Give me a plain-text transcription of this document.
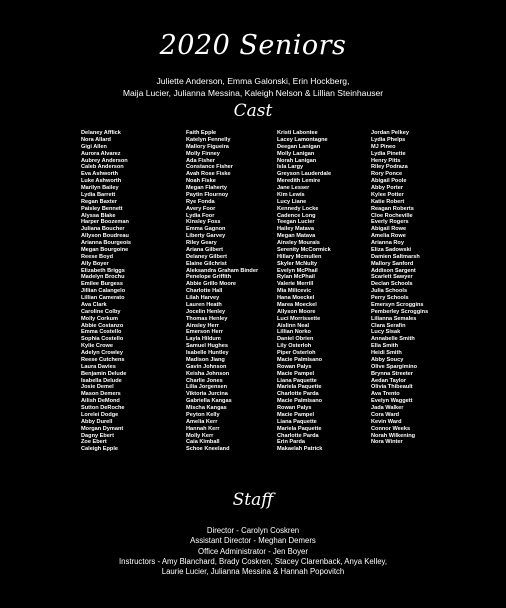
2020 Seniors
Juliette Anderson, Emma Galonski, Erin Hockberg,
Maija Lucier, Julianna Messina, Kaleigh Nelson & Lillian Steinhauser
Cast
Delaney Afflick
Nora Allard
Gigi Allen
Aurora Alvarez
Aubrey Anderson
Caleb Anderson
Eva Ashworth
Luke Ashworth
Marilyn Bailey
Lydia Barrett
Regan Baxter
Paisley Bennett
Alyssa Blake
Harper Boozeman
Juliana Boucher
Allyson Boudreau
Arianna Bourgeois
Megan Bourgoine
Reese Boyd
Ally Boyer
Elizabeth Briggs
Madelyn Brochu
Emilee Burgess
Jillian Calangelo
Lillian Camerato
Ava Clark
Caroline Colby
Molly Corkum
Abbie Costanzo
Emma Costello
Sophia Costello
Kylie Crowe
Adelyn Crowley
Reese Cutchens
Laura Davies
Benjamin Delude
Isabella Delude
Josie Demel
Mason Demers
Ailish DeMond
Sutton DeRoche
Lorelei Dodge
Abby Durell
Morgan Dymant
Dagny Ebert
Zoe Ebert
Caleigh Epple
Faith Epple
Katelyn Fennelly
Mallory Figueira
Molly Finney
Ada Fisher
Constance Fisher
Avah Rose Fiske
Noah Fiske
Megan Flaherty
Paytin Flournoy
Rye Fonda
Avery Foor
Lydia Foor
Kinsley Foss
Emma Gagnon
Liberty Garvey
Riley Geary
Ariana Gilbert
Delaney Gilbert
Elaine Gilchrist
Aleksandra Graham Binder
Penelope Griffith
Abbie Grillo Moore
Charlotte Hall
Lilah Harvey
Lauren Heath
Jocelin Henley
Thomas Henley
Ainsley Herr
Emerson Herr
Layla Hildum
Samuel Hughes
Isabelle Huntley
Madison Jiang
Gavin Johnson
Keisha Johnson
Charlie Jones
Lilia Jorgensen
Viktoria Jurcina
Gabriella Kangas
Mischa Kangas
Peyton Kelly
Amelia Kerr
Hannah Kerr
Molly Kerr
Caia Kimball
Schoe Kneeland
Kristi Labontee
Lacey Lamontagne
Deegan Lanigan
Molly Lanigan
Norah Lanigan
Isla Largy
Greyson Lauderdale
Meredith Lemire
Jane Lesser
Kim Lewis
Lucy Liane
Kennedy Locke
Cadence Long
Teegan Lucier
Hailey Matava
Megan Matava
Ainsley Mourais
Serenity McCormick
Hillary Mcmullen
Skyler McNulty
Evelyn McPhail
Rylan McPhail
Valerie Merrill
Mia Milicevic
Hana Moeckel
Marea Moeckel
Allyson Moore
Luci Morrissette
Aislinn Neal
Lillian Norko
Daniel Obrien
Lily Osterloh
Piper Osterloh
Macie Palmisano
Rowan Palys
Macie Pampel
Liana Paquette
Mariela Paquette
Charlotte Parda
Macie Palmisano
Rowan Palys
Macie Pampel
Liana Paquette
Mariela Paquette
Charlotte Parda
Erin Parda
Makaelah Patrick
Jordan Pelkey
Lydia Phelps
MJ Pineo
Lydia Pinette
Henry Pitts
Riley Podraza
Rory Ponce
Abigail Poole
Abby Porter
Kylee Potter
Katie Robert
Reagan Roberts
Cloe Rocheville
Everly Rogers
Abigail Rowe
Amelia Rowe
Arianna Roy
Eliza Sadowski
Damien Saltmarsh
Mallory Sanford
Addison Sargent
Scarlett Sawyer
Declan Schools
Julia Schools
Perry Schools
Emersyn Scroggins
Pemberley Scroggins
Lilianna Semales
Clara Serafin
Lucy Sisak
Annabelle Smith
Ella Smith
Heidi Smith
Abby Soucy
Olive Spargimino
Brynna Streeter
Aedan Taylor
Olivia Thibeault
Ava Trento
Evelyn Waggett
Jada Walker
Cora Ward
Kevin Ward
Connor Weeks
Norah Wilkening
Nora Winter
Staff
Director - Carolyn Coskren
Assistant Director - Meghan Demers
Office Administrator - Jen Boyer
Instructors - Amy Blanchard, Brady Coskren, Stacey Clarenback, Anya Kelley,
Laurie Lucier, Julianna Messina & Hannah Popovitch
